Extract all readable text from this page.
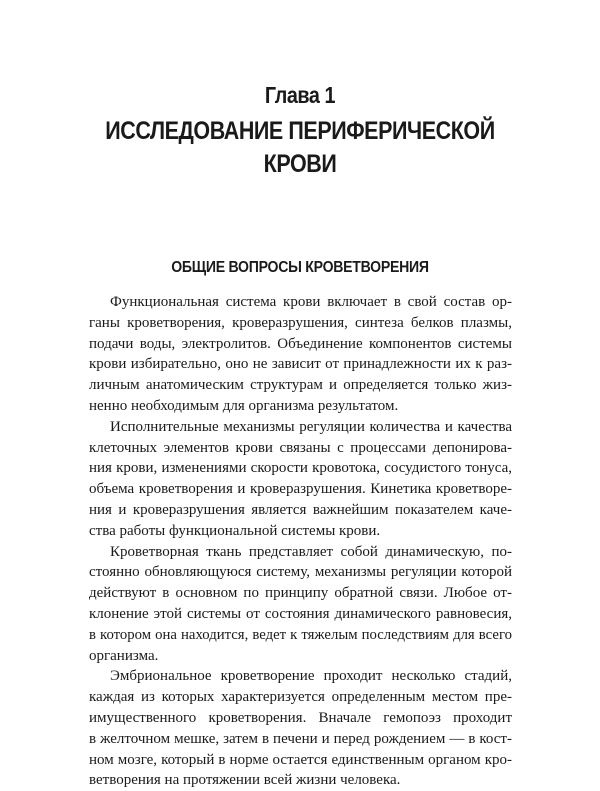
Глава 1
ИССЛЕДОВАНИЕ ПЕРИФЕРИЧЕСКОЙ
КРОВИ
ОБЩИЕ ВОПРОСЫ КРОВЕТВОРЕНИЯ
Функциональная система крови включает в свой состав ор-
ганы кроветворения, кроверазрушения, синтеза белков плазмы,
подачи воды, электролитов. Объединение компонентов системы
крови избирательно, оно не зависит от принадлежности их к раз-
личным анатомическим структурам и определяется только жиз-
ненно необходимым для организма результатом.
Исполнительные механизмы регуляции количества и качества
клеточных элементов крови связаны с процессами депонирова-
ния крови, изменениями скорости кровотока, сосудистого тонуса,
объема кроветворения и кроверазрушения. Кинетика кроветворе-
ния и кроверазрушения является важнейшим показателем каче-
ства работы функциональной системы крови.
Кроветворная ткань представляет собой динамическую, по-
стоянно обновляющуюся систему, механизмы регуляции которой
действуют в основном по принципу обратной связи. Любое от-
клонение этой системы от состояния динамического равновесия,
в котором она находится, ведет к тяжелым последствиям для всего
организма.
Эмбриональное кроветворение проходит несколько стадий,
каждая из которых характеризуется определенным местом пре-
имущественного кроветворения. Вначале гемопоэз проходит
в желточном мешке, затем в печени и перед рождением — в кост-
ном мозге, который в норме остается единственным органом кро-
ветворения на протяжении всей жизни человека.
